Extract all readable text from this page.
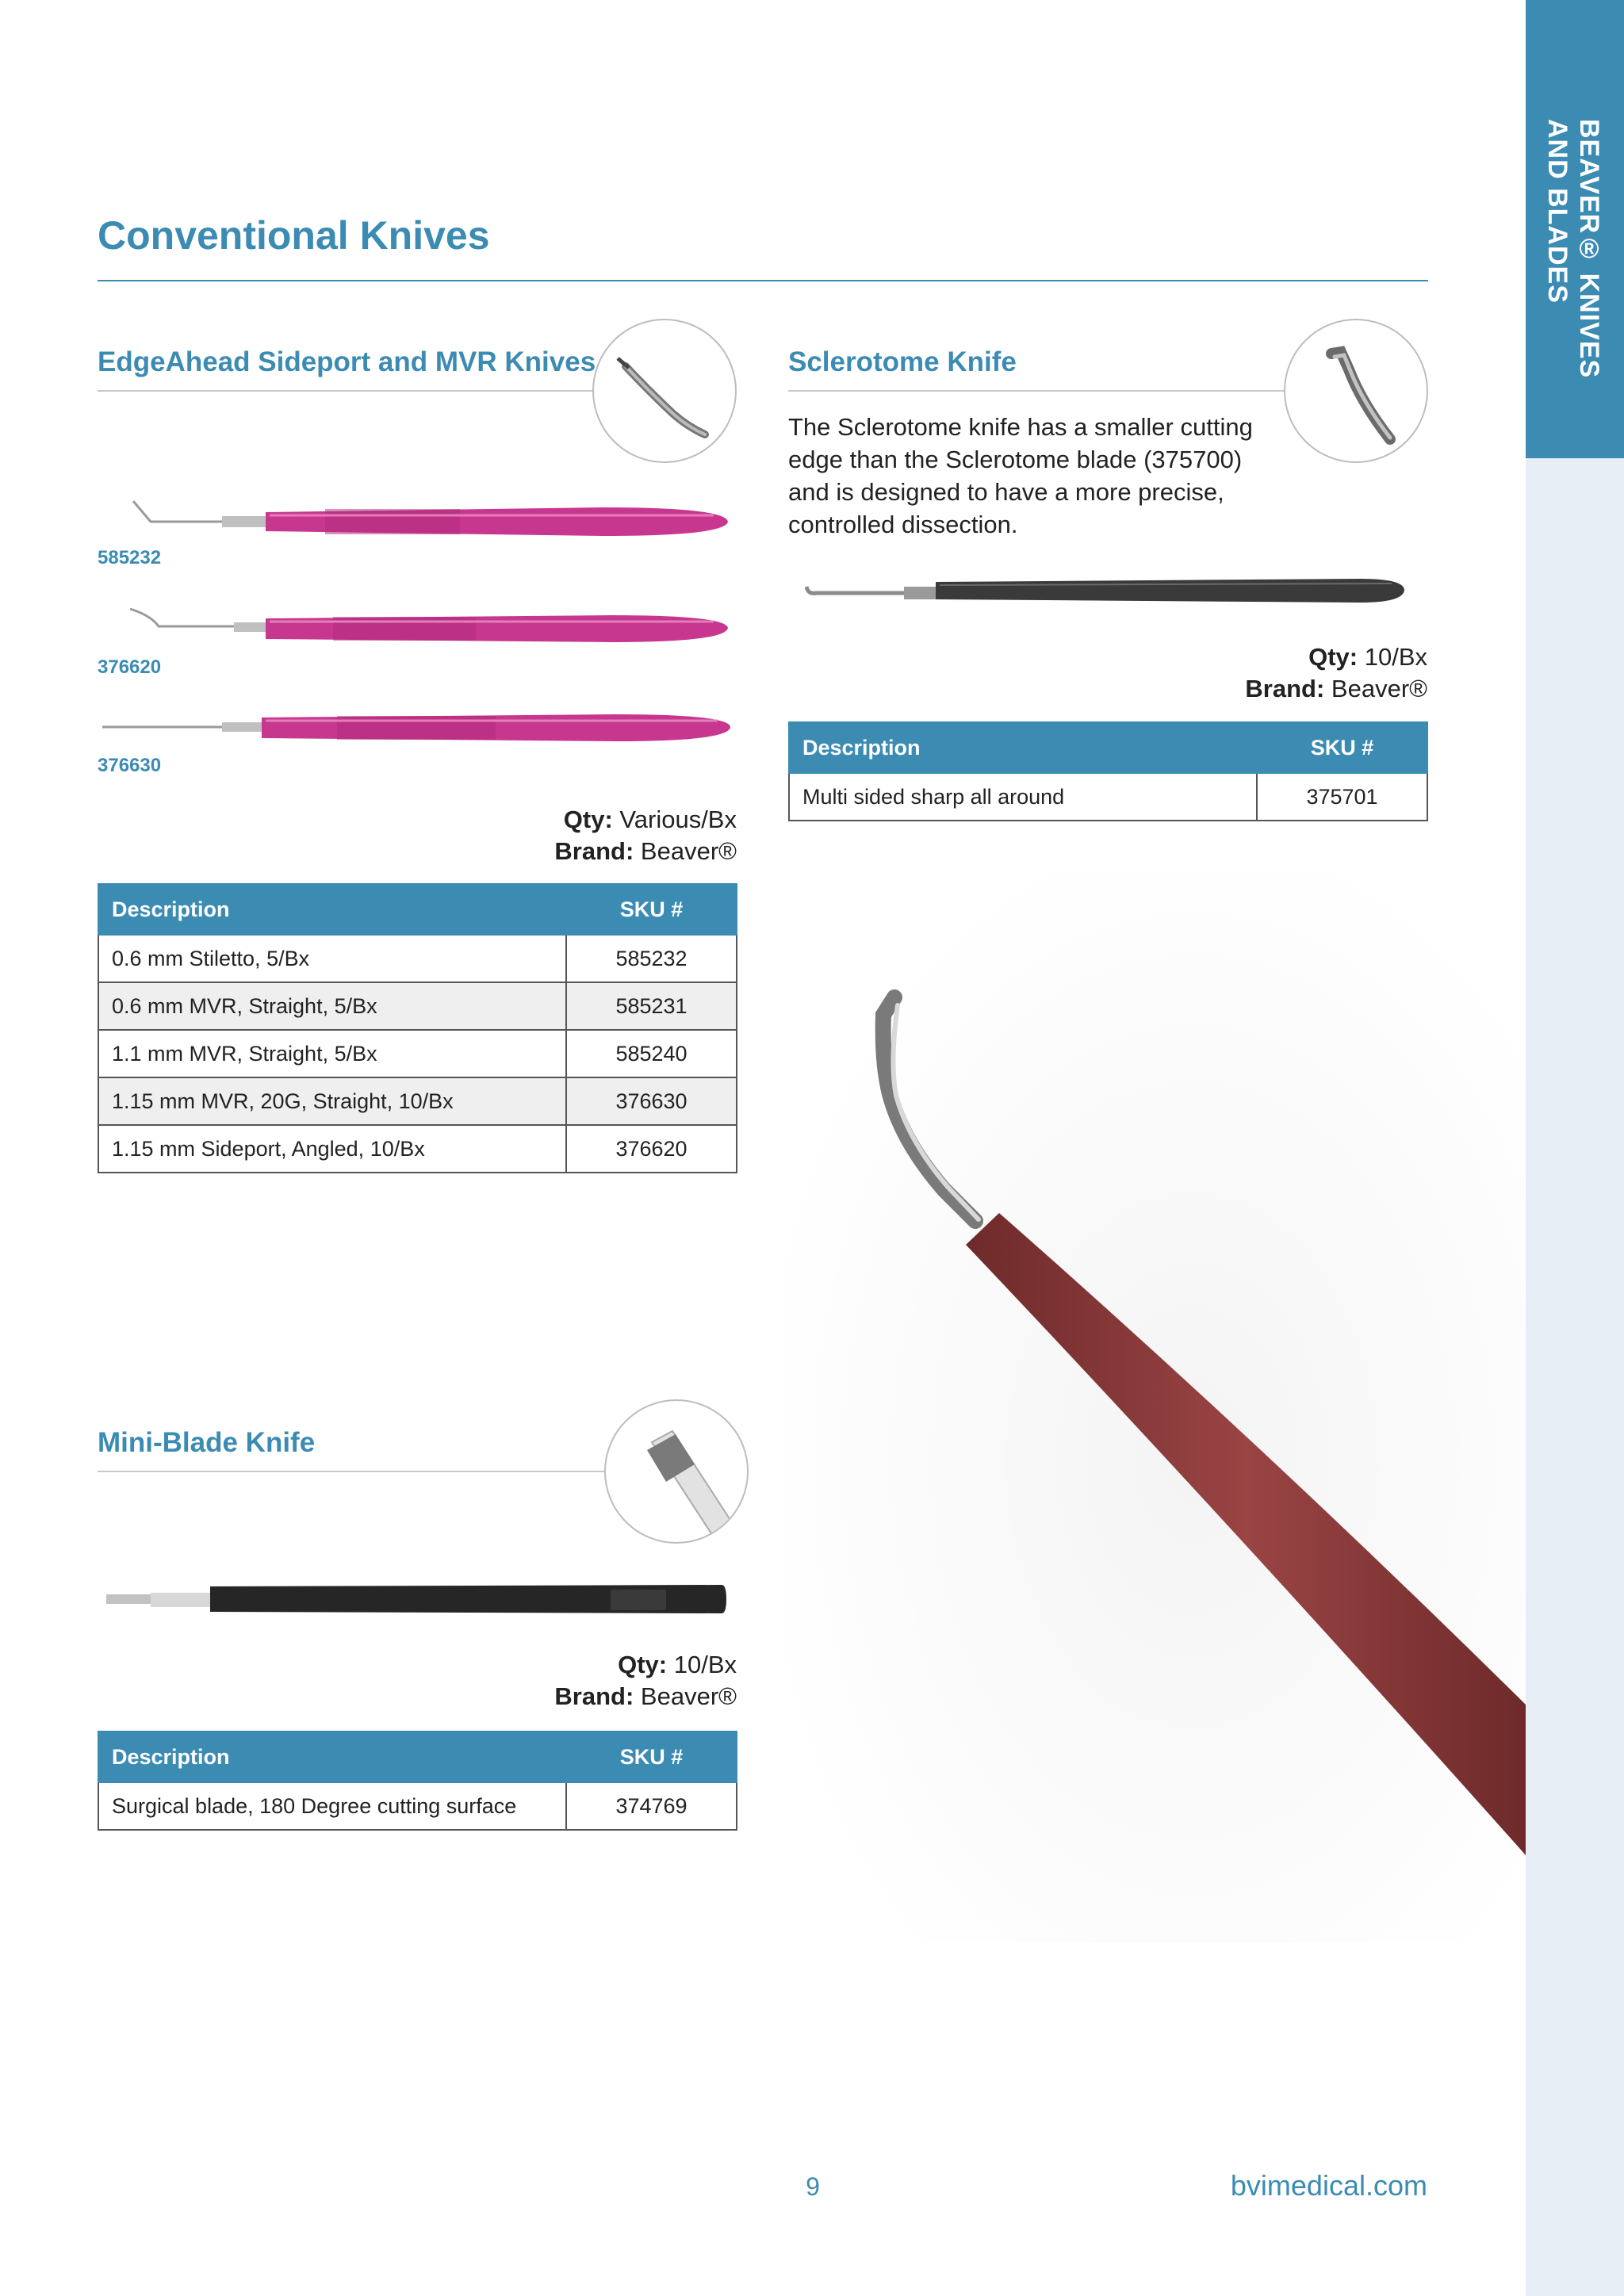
BEAVER® KNIVES
AND BLADES
Conventional Knives
EdgeAhead Sideport and MVR Knives
585232
376620
376630
Qty: Various/Bx
Brand: Beaver®
Description	SKU #
0.6 mm Stiletto, 5/Bx	585232
0.6 mm MVR, Straight, 5/Bx	585231
1.1 mm MVR, Straight, 5/Bx	585240
1.15 mm MVR, 20G, Straight, 10/Bx	376630
1.15 mm Sideport, Angled, 10/Bx	376620
Sclerotome Knife
The Sclerotome knife has a smaller cutting edge than the Sclerotome blade (375700) and is designed to have a more precise, controlled dissection.
Qty: 10/Bx
Brand: Beaver®
Description	SKU #
Multi sided sharp all around	375701
Mini-Blade Knife
Qty: 10/Bx
Brand: Beaver®
Description	SKU #
Surgical blade, 180 Degree cutting surface	374769
9	bvimedical.com
